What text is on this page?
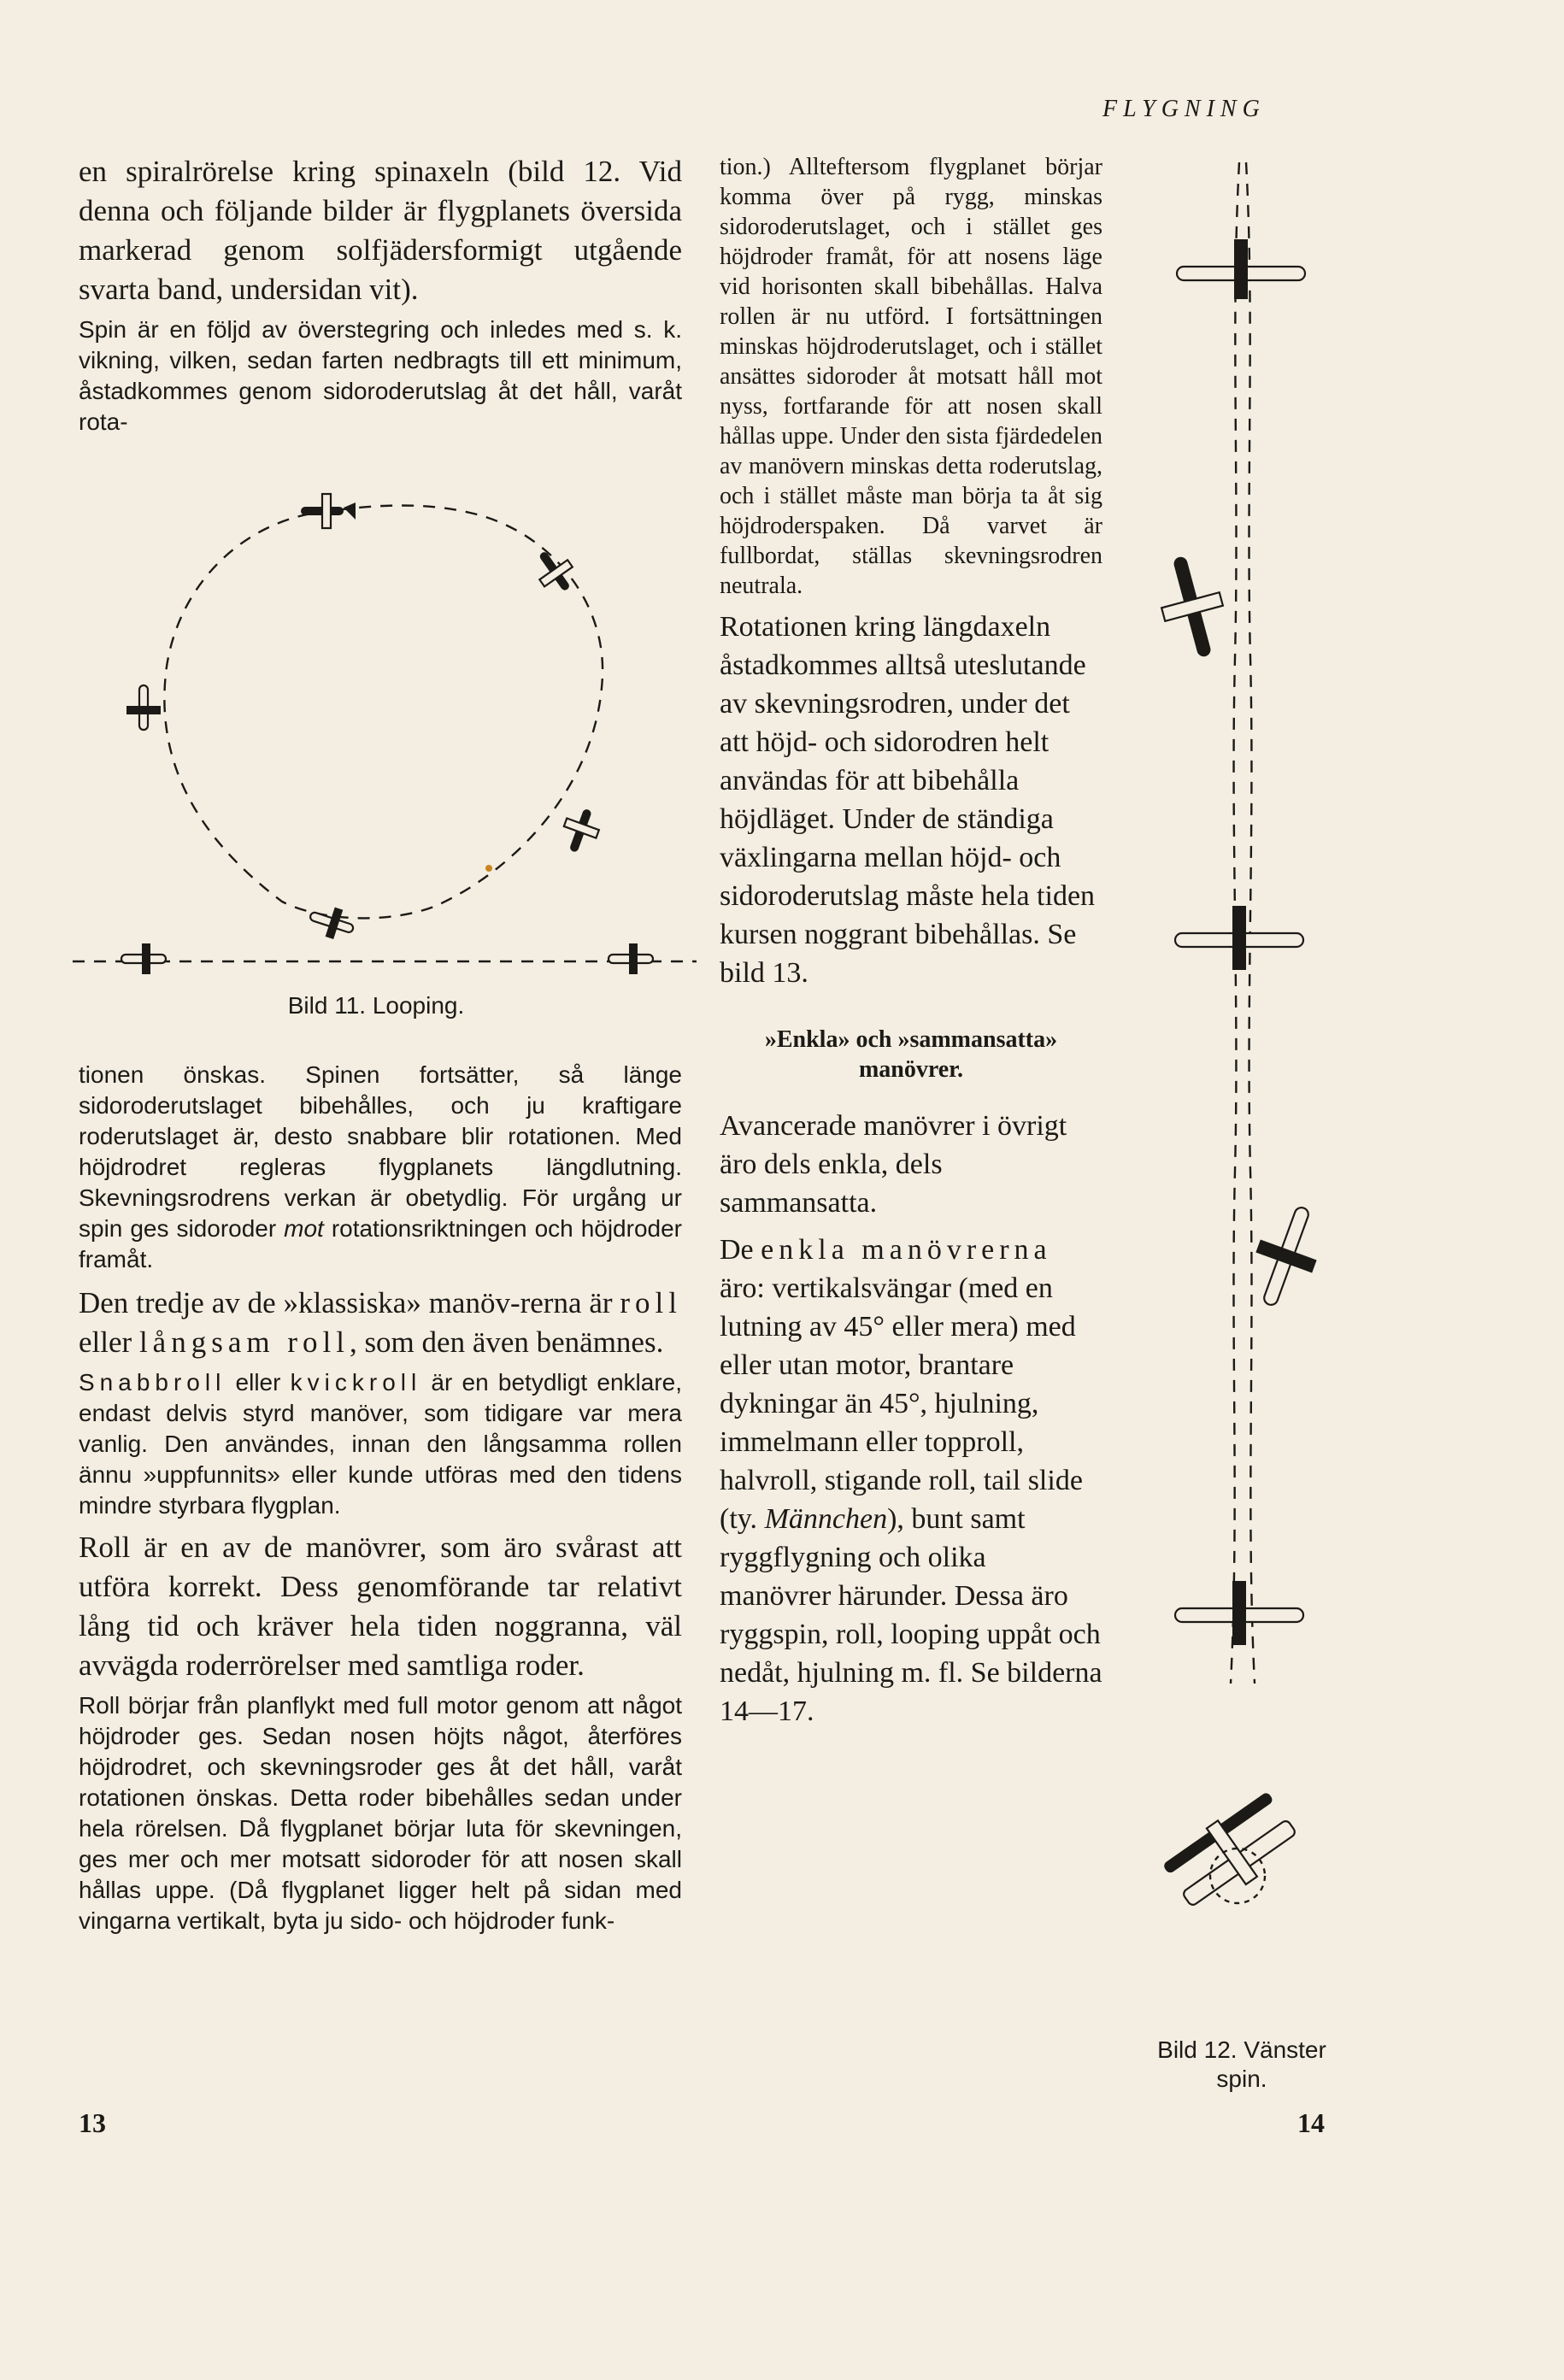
FLYGNING

en spiralrörelse kring spinaxeln (bild 12. Vid denna och följande bilder är flygplanets översida markerad genom solfjädersformigt utgående svarta band, undersidan vit).

Spin är en följd av överstegring och inledes med s. k. vikning, vilken, sedan farten nedbragts till ett minimum, åstadkommes genom sidoroderutslag åt det håll, varåt rota-

Bild 11. Looping.

tionen önskas. Spinen fortsätter, så länge sidoroderutslaget bibehålles, och ju kraftigare roderutslaget är, desto snabbare blir rotationen. Med höjdrodret regleras flygplanets längdlutning. Skevningsrodrens verkan är obetydlig. För urgång ur spin ges sidoroder mot rotationsriktningen och höjdroder framåt.

Den tredje av de »klassiska» manöv-rerna är roll eller långsam roll, som den även benämnes.

Snabbroll eller kvickroll är en betydligt enklare, endast delvis styrd manöver, som tidigare var mera vanlig. Den användes, innan den långsamma rollen ännu »uppfunnits» eller kunde utföras med den tidens mindre styrbara flygplan.

Roll är en av de manövrer, som äro svårast att utföra korrekt. Dess genomförande tar relativt lång tid och kräver hela tiden noggranna, väl avvägda roderrörelser med samtliga roder.

Roll börjar från planflykt med full motor genom att något höjdroder ges. Sedan nosen höjts något, återföres höjdrodret, och skevningsroder ges åt det håll, varåt rotationen önskas. Detta roder bibehålles sedan under hela rörelsen. Då flygplanet börjar luta för skevningen, ges mer och mer motsatt sidoroder för att nosen skall hållas uppe. (Då flygplanet ligger helt på sidan med vingarna vertikalt, byta ju sido- och höjdroder funk-

13

tion.) Allteftersom flygplanet börjar komma över på rygg, minskas sidoroderutslaget, och i stället ges höjdroder framåt, för att nosens läge vid horisonten skall bibehållas. Halva rollen är nu utförd. I fortsättningen minskas höjdroderutslaget, och i stället ansättes sidoroder åt motsatt håll mot nyss, fortfarande för att nosen skall hållas uppe. Under den sista fjärdedelen av manövern minskas detta roderutslag, och i stället måste man börja ta åt sig höjdroderspaken. Då varvet är fullbordat, ställas skevningsrodren neutrala.

Rotationen kring längdaxeln åstadkommes alltså uteslutande av skevningsrodren, under det att höjd- och sidorodren helt användas för att bibehålla höjdläget. Under de ständiga växlingarna mellan höjd- och sidoroderutslag måste hela tiden kursen noggrant bibehållas. Se bild 13.

»Enkla» och »sammansatta» manövrer.

Avancerade manövrer i övrigt äro dels enkla, dels sammansatta.

De enkla manövrerna äro: vertikalsvängar (med en lutning av 45° eller mera) med eller utan motor, brantare dykningar än 45°, hjulning, immelmann eller topproll, halvroll, stigande roll, tail slide (ty. Männchen), bunt samt ryggflygning och olika manövrer härunder. Dessa äro ryggspin, roll, looping uppåt och nedåt, hjulning m. fl. Se bilderna 14—17.

Bild 12. Vänster spin.
14
